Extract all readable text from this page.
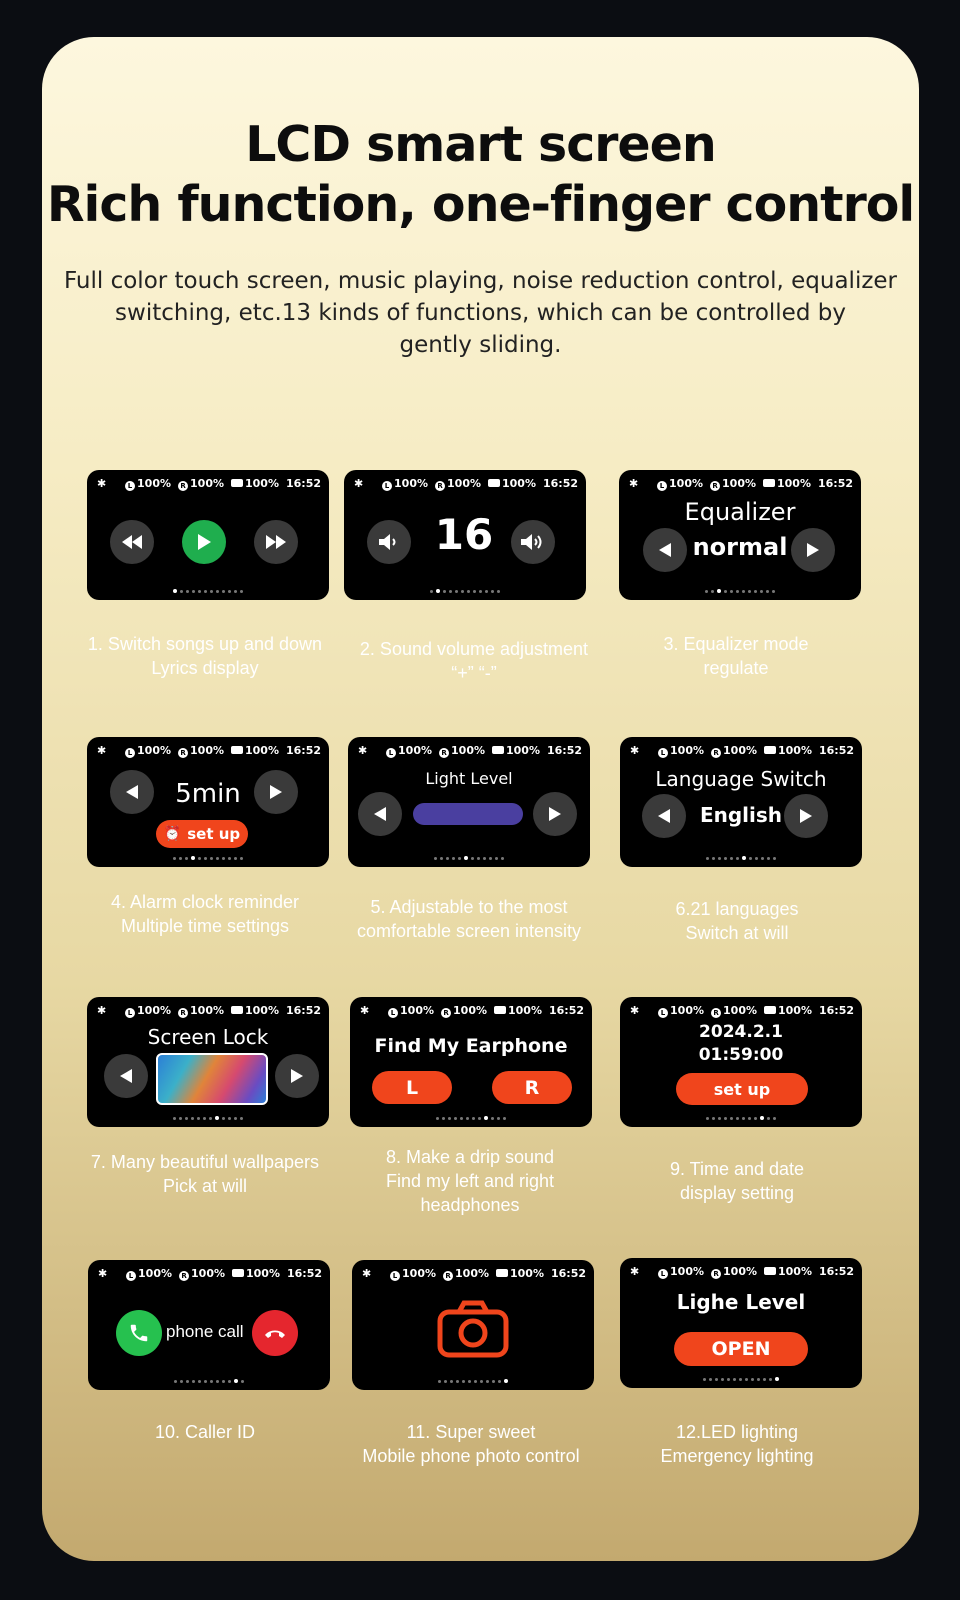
LCD smart screen
Rich function, one-finger control
Full color touch screen, music playing, noise reduction control, equalizer
switching, etc.13 kinds of functions, which can be controlled by
gently sliding.
✱	L 100%	R 100%	100% 16:52
1. Switch songs up and down
Lyrics display
✱	L 100%	R 100%	100% 16:52
16
2. Sound volume adjustment
“+” “-”
✱	L 100%	R 100%	100% 16:52
Equalizer
normal
3. Equalizer mode
regulate
✱	L 100%	R 100%	100% 16:52
5min
⏰ set up
4. Alarm clock reminder
Multiple time settings
✱	L 100%	R 100%	100% 16:52
Light Level
5. Adjustable to the most
comfortable screen intensity
✱	L 100%	R 100%	100% 16:52
Language Switch
English
6.21 languages
Switch at will
✱	L 100%	R 100%	100% 16:52
Screen Lock
7. Many beautiful wallpapers
Pick at will
✱	L 100%	R 100%	100% 16:52
Find My Earphone
L	R
8. Make a drip sound
Find my left and right
headphones
✱	L 100%	R 100%	100% 16:52
2024.2.1
01:59:00
set up
9. Time and date
display setting
✱	L 100%	R 100%	100% 16:52
phone call
10. Caller ID
✱	L 100%	R 100%	100% 16:52
11. Super sweet
Mobile phone photo control
✱	L 100%	R 100%	100% 16:52
Lighe Level
OPEN
12.LED lighting
Emergency lighting
